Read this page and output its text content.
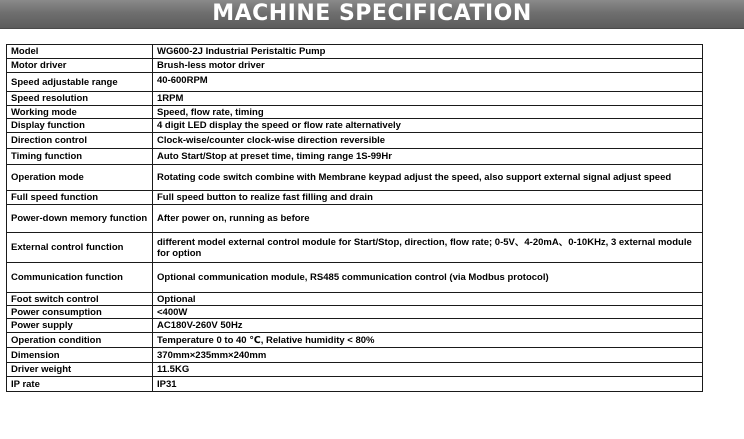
MACHINE SPECIFICATION
Model	WG600-2J Industrial Peristaltic Pump
Motor driver	Brush-less motor driver
Speed adjustable range	40-600RPM
Speed resolution	1RPM
Working mode	Speed, flow rate, timing
Display function	4 digit LED display the speed or flow rate alternatively
Direction control	Clock-wise/counter clock-wise direction reversible
Timing function	Auto Start/Stop at preset time, timing range 1S-99Hr
Operation mode	Rotating code switch combine with Membrane keypad adjust the speed, also support external signal adjust speed
Full speed function	Full speed button to realize fast filling and drain
Power-down memory function	After power on, running as before
External control function	different model external control module for Start/Stop, direction, flow rate; 0-5V、4-20mA、0-10KHz, 3 external module for option
Communication function	Optional communication module, RS485 communication control (via Modbus protocol)
Foot switch control	Optional
Power consumption	<400W
Power supply	AC180V-260V 50Hz
Operation condition	Temperature 0 to 40 ℃, Relative humidity < 80%
Dimension	370mm×235mm×240mm
Driver weight	11.5KG
IP rate	IP31
